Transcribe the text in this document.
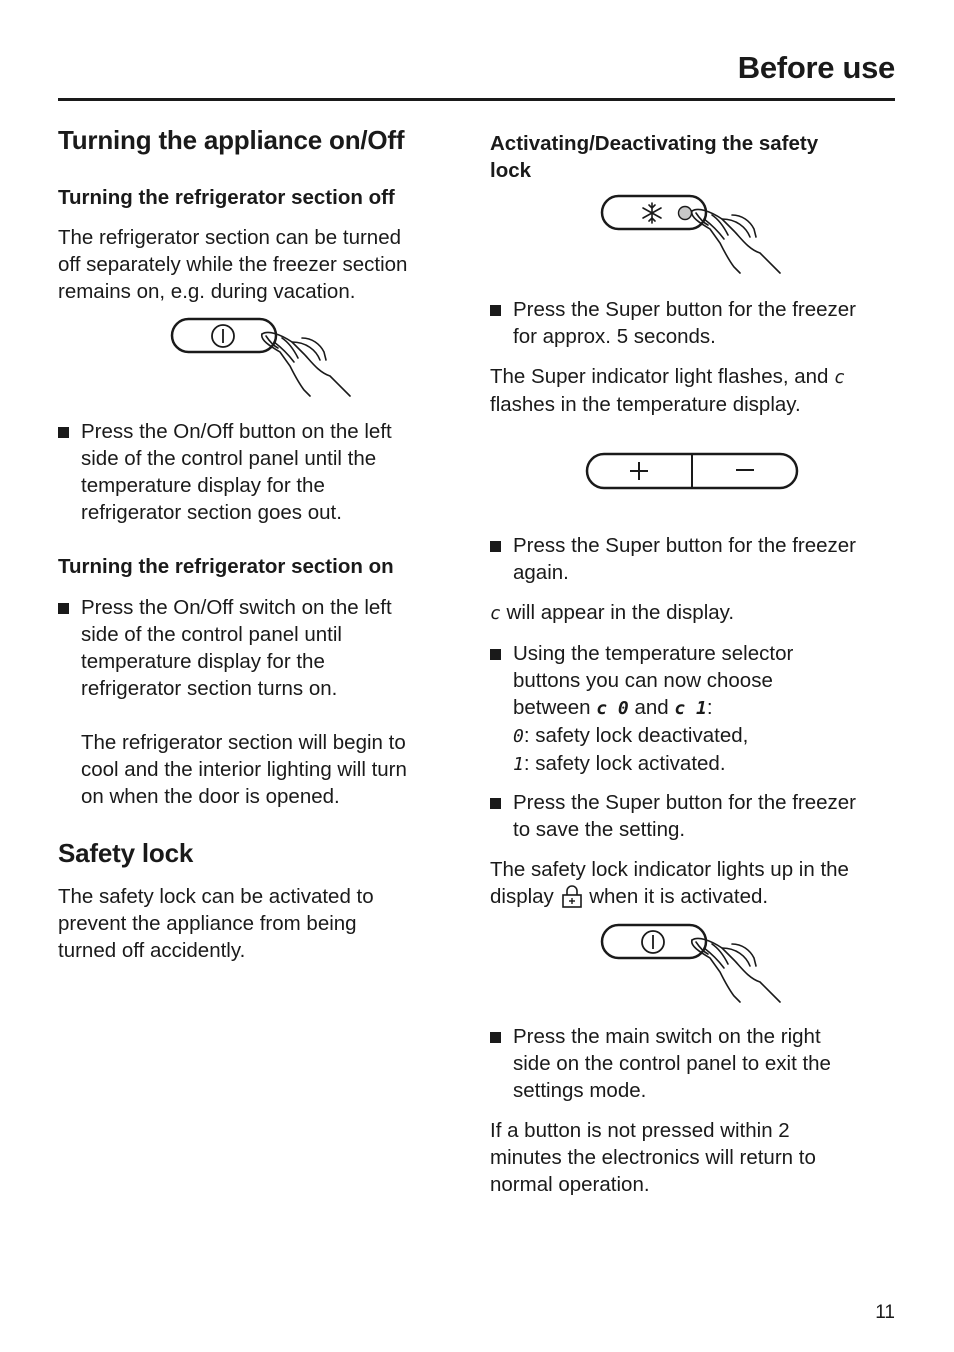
Before use
Turning the appliance on/Off
Turning the refrigerator section off
The refrigerator section can be turned
off separately while the freezer section
remains on, e.g. during vacation.
Press the On/Off button on the left
side of the control panel until the
temperature display for the
refrigerator section goes out.
Turning the refrigerator section on
Press the On/Off switch on the left
side of the control panel until
temperature display for the
refrigerator section turns on.
The refrigerator section will begin to
cool and the interior lighting will turn
on when the door is opened.
Safety lock
The safety lock can be activated to
prevent the appliance from being
turned off accidently.
Activating/Deactivating the safety
lock
Press the Super button for the freezer
for approx. 5 seconds.
The Super indicator light flashes, and c
flashes in the temperature display.
Press the Super button for the freezer
again.
c will appear in the display.
Using the temperature selector
buttons you can now choose
between c 0 and c 1:
0: safety lock deactivated,
1: safety lock activated.
Press the Super button for the freezer
to save the setting.
The safety lock indicator lights up in the
display when it is activated.
Press the main switch on the right
side on the control panel to exit the
settings mode.
If a button is not pressed within 2
minutes the electronics will return to
normal operation.
11
